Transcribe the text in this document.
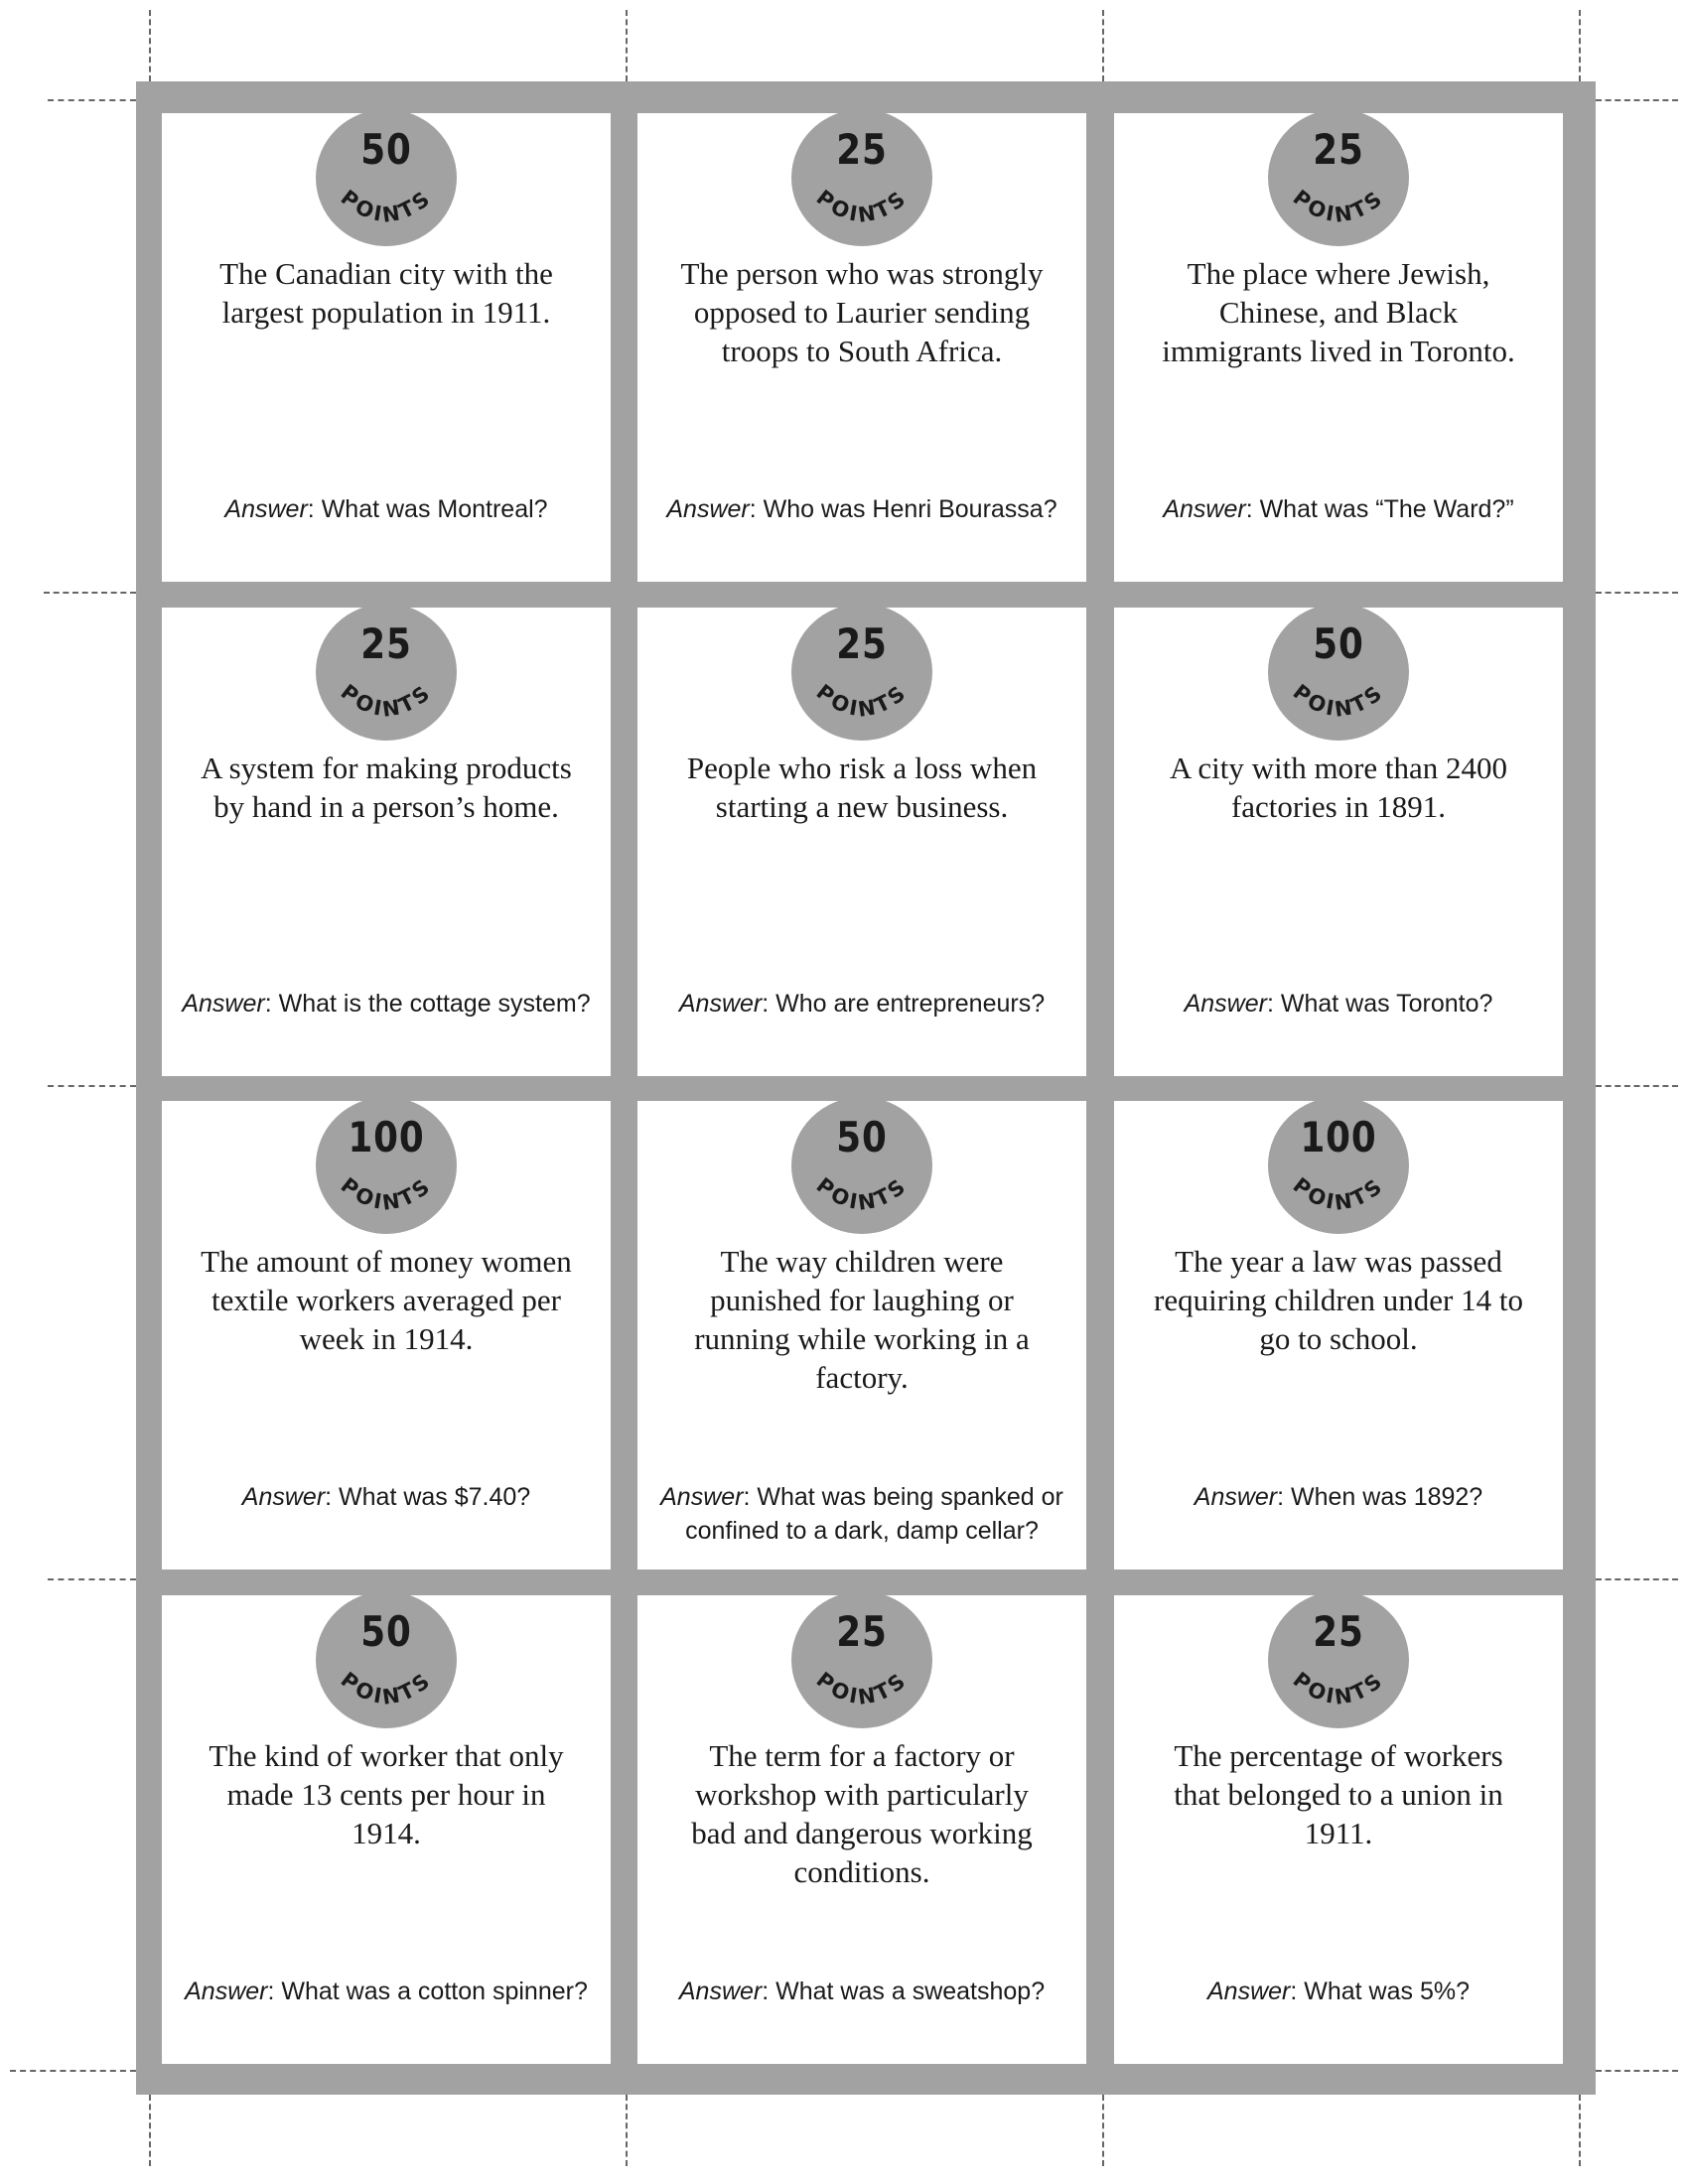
50
POINTS
The Canadian city with the largest population in 1911.
Answer: What was Montreal?
25
POINTS
The person who was strongly opposed to Laurier sending troops to South Africa.
Answer: Who was Henri Bourassa?
25
POINTS
The place where Jewish, Chinese, and Black immigrants lived in Toronto.
Answer: What was “The Ward?”
25
POINTS
A system for making products by hand in a person’s home.
Answer: What is the cottage system?
25
POINTS
People who risk a loss when starting a new business.
Answer: Who are entrepreneurs?
50
POINTS
A city with more than 2400 factories in 1891.
Answer: What was Toronto?
100
POINTS
The amount of money women textile workers averaged per week in 1914.
Answer: What was $7.40?
50
POINTS
The way children were punished for laughing or running while working in a factory.
Answer: What was being spanked or confined to a dark, damp cellar?
100
POINTS
The year a law was passed requiring children under 14 to go to school.
Answer: When was 1892?
50
POINTS
The kind of worker that only made 13 cents per hour in 1914.
Answer: What was a cotton spinner?
25
POINTS
The term for a factory or workshop with particularly bad and dangerous working conditions.
Answer: What was a sweatshop?
25
POINTS
The percentage of workers that belonged to a union in 1911.
Answer: What was 5%?
